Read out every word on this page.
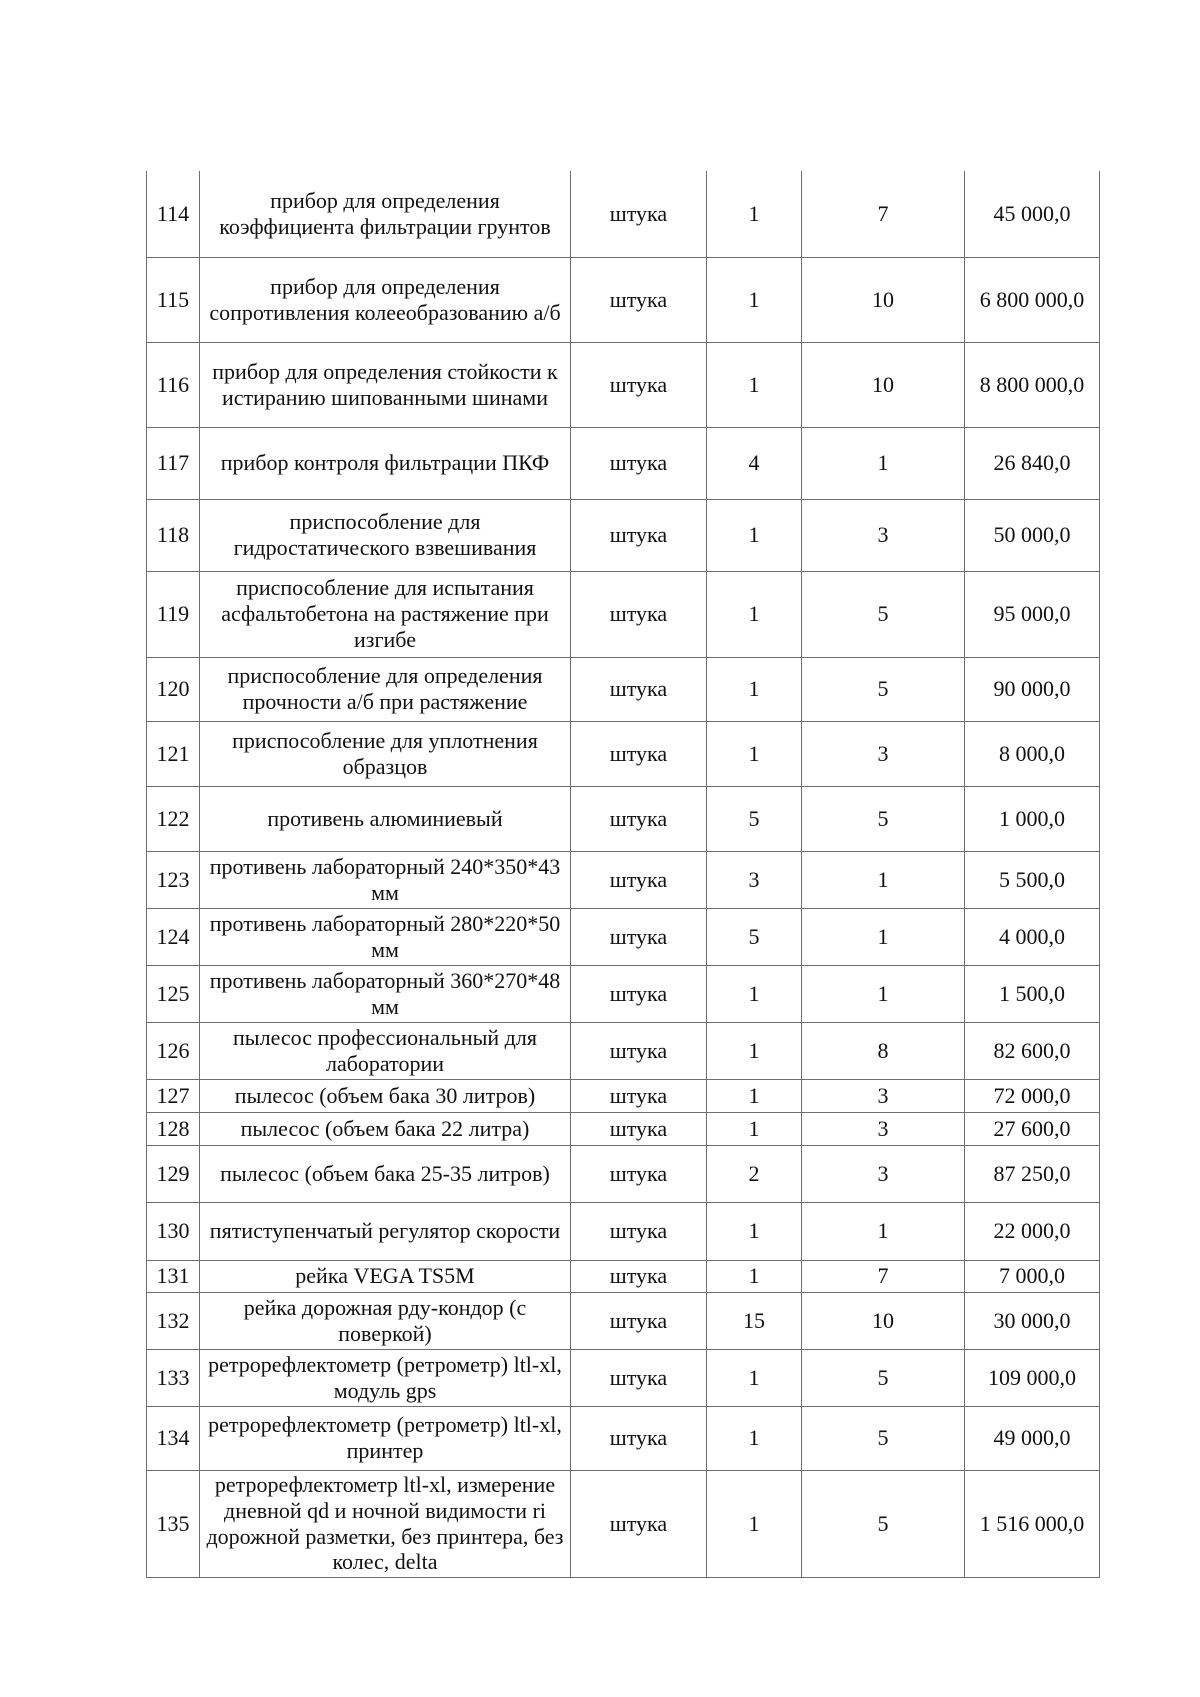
114	прибор для определения коэффициента фильтрации грунтов	штука	1	7	45 000,0
115	прибор для определения сопротивления колееобразованию а/б	штука	1	10	6 800 000,0
116	прибор для определения стойкости к истиранию шипованными шинами	штука	1	10	8 800 000,0
117	прибор контроля фильтрации ПКФ	штука	4	1	26 840,0
118	приспособление для гидростатического взвешивания	штука	1	3	50 000,0
119	приспособление для испытания асфальтобетона на растяжение при изгибе	штука	1	5	95 000,0
120	приспособление для определения прочности а/б при растяжение	штука	1	5	90 000,0
121	приспособление для уплотнения образцов	штука	1	3	8 000,0
122	противень алюминиевый	штука	5	5	1 000,0
123	противень лабораторный 240*350*43 мм	штука	3	1	5 500,0
124	противень лабораторный 280*220*50 мм	штука	5	1	4 000,0
125	противень лабораторный 360*270*48 мм	штука	1	1	1 500,0
126	пылесос профессиональный для лаборатории	штука	1	8	82 600,0
127	пылесос (объем бака 30 литров)	штука	1	3	72 000,0
128	пылесос (объем бака 22 литра)	штука	1	3	27 600,0
129	пылесос (объем бака 25-35 литров)	штука	2	3	87 250,0
130	пятиступенчатый регулятор скорости	штука	1	1	22 000,0
131	рейка VEGA TS5M	штука	1	7	7 000,0
132	рейка дорожная рду-кондор (с поверкой)	штука	15	10	30 000,0
133	ретрорефлектометр (ретрометр) ltl-xl, модуль gps	штука	1	5	109 000,0
134	ретрорефлектометр (ретрометр) ltl-xl, принтер	штука	1	5	49 000,0
135	ретрорефлектометр ltl-xl, измерение дневной qd и ночной видимости ri дорожной разметки, без принтера, без колес, delta	штука	1	5	1 516 000,0
